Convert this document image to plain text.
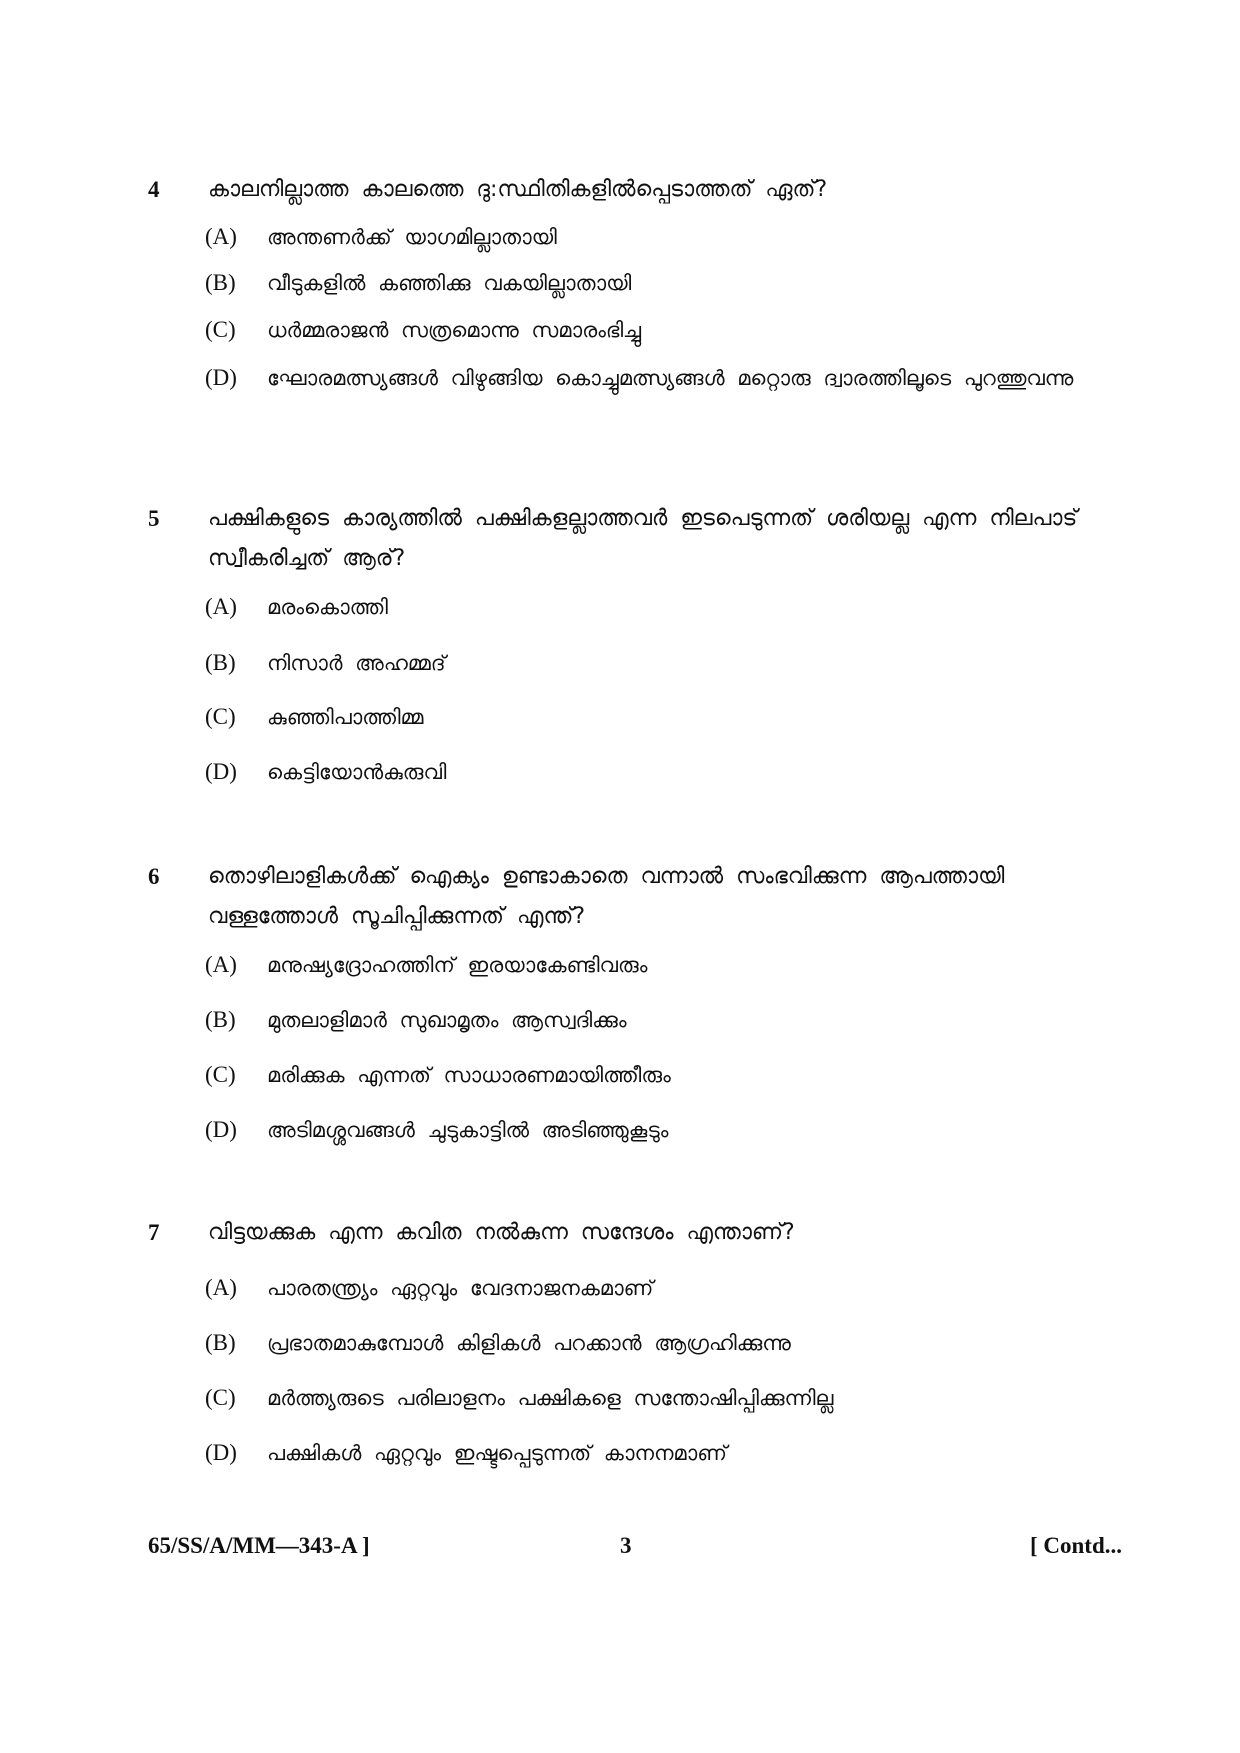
4 കാലനില്ലാത്ത കാലത്തെ ദു:സ്ഥിതികളിൽപ്പെടാത്തത് ഏത്?
(A) അന്തണർക്ക് യാഗമില്ലാതായി
(B) വീടുകളിൽ കഞ്ഞിക്കു വകയില്ലാതായി
(C) ധർമ്മരാജൻ സത്രമൊന്നു സമാരംഭിച്ചു
(D) ഘോരമത്സ്യങ്ങൾ വിഴുങ്ങിയ കൊച്ചുമത്സ്യങ്ങൾ മറ്റൊരു ദ്വാരത്തിലൂടെ പുറത്തുവന്നു
5 പക്ഷികളുടെ കാര്യത്തിൽ പക്ഷികളല്ലാത്തവർ ഇടപെടുന്നത് ശരിയല്ല എന്ന നിലപാട് സ്വീകരിച്ചത് ആര്?
(A) മരംകൊത്തി
(B) നിസാർ അഹമ്മദ്
(C) കുഞ്ഞിപാത്തിമ്മ
(D) കെട്ടിയോൻകുരുവി
6 തൊഴിലാളികൾക്ക് ഐക്യം ഉണ്ടാകാതെ വന്നാൽ സംഭവിക്കുന്ന ആപത്തായി വള്ളത്തോൾ സൂചിപ്പിക്കുന്നത് എന്ത്?
(A) മനുഷ്യദ്രോഹത്തിന് ഇരയാകേണ്ടിവരും
(B) മുതലാളിമാർ സുഖാമൃതം ആസ്വദിക്കും
(C) മരിക്കുക എന്നത് സാധാരണമായിത്തീരും
(D) അടിമശ്ശവങ്ങൾ ചുടുകാട്ടിൽ അടിഞ്ഞുകൂടും
7 വിട്ടയക്കുക എന്ന കവിത നൽകുന്ന സന്ദേശം എന്താണ്?
(A) പാരതന്ത്ര്യം ഏറ്റവും വേദനാജനകമാണ്
(B) പ്രഭാതമാകുമ്പോൾ കിളികൾ പറക്കാൻ ആഗ്രഹിക്കുന്നു
(C) മർത്ത്യരുടെ പരിലാളനം പക്ഷികളെ സന്തോഷിപ്പിക്കുന്നില്ല
(D) പക്ഷികൾ ഏറ്റവും ഇഷ്ടപ്പെടുന്നത് കാനനമാണ്
65/SS/A/MM—343-A ]	3	[ Contd...
